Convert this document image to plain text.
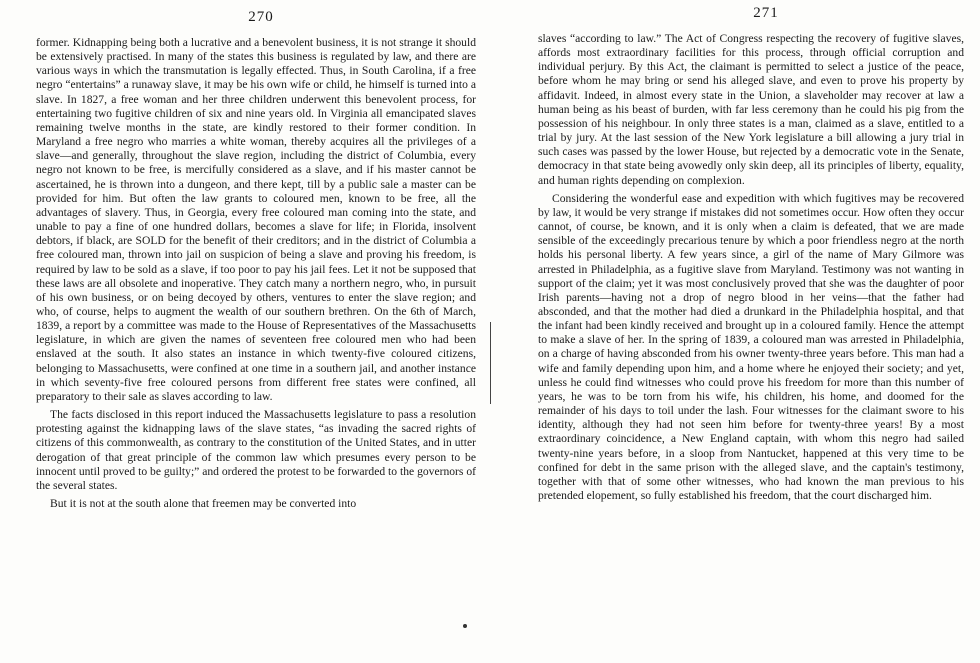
270

former. Kidnapping being both a lucrative and a benevolent business, it is not strange it should be extensively practised. In many of the states this business is regulated by law, and there are various ways in which the transmutation is legally effected. Thus, in South Carolina, if a free negro “entertains” a runaway slave, it may be his own wife or child, he himself is turned into a slave. In 1827, a free woman and her three children underwent this benevolent process, for entertaining two fugitive children of six and nine years old. In Virginia all emancipated slaves remaining twelve months in the state, are kindly restored to their former condition. In Maryland a free negro who marries a white woman, thereby acquires all the privileges of a slave—and generally, throughout the slave region, including the district of Columbia, every negro not known to be free, is mercifully considered as a slave, and if his master cannot be ascertained, he is thrown into a dungeon, and there kept, till by a public sale a master can be provided for him. But often the law grants to coloured men, known to be free, all the advantages of slavery. Thus, in Georgia, every free coloured man coming into the state, and unable to pay a fine of one hundred dollars, becomes a slave for life; in Florida, insolvent debtors, if black, are SOLD for the benefit of their creditors; and in the district of Columbia a free coloured man, thrown into jail on suspicion of being a slave and proving his freedom, is required by law to be sold as a slave, if too poor to pay his jail fees. Let it not be supposed that these laws are all obsolete and inoperative. They catch many a northern negro, who, in pursuit of his own business, or on being decoyed by others, ventures to enter the slave region; and who, of course, helps to augment the wealth of our southern brethren. On the 6th of March, 1839, a report by a committee was made to the House of Representatives of the Massachusetts legislature, in which are given the names of seventeen free coloured men who had been enslaved at the south. It also states an instance in which twenty-five coloured citizens, belonging to Massachusetts, were confined at one time in a southern jail, and another instance in which seventy-five free coloured persons from different free states were confined, all preparatory to their sale as slaves according to law.

The facts disclosed in this report induced the Massachusetts legislature to pass a resolution protesting against the kidnapping laws of the slave states, “as invading the sacred rights of citizens of this commonwealth, as contrary to the constitution of the United States, and in utter derogation of that great principle of the common law which presumes every person to be innocent until proved to be guilty;” and ordered the protest to be forwarded to the governors of the several states.

But it is not at the south alone that freemen may be converted into

271

slaves “according to law.” The Act of Congress respecting the recovery of fugitive slaves, affords most extraordinary facilities for this process, through official corruption and individual perjury. By this Act, the claimant is permitted to select a justice of the peace, before whom he may bring or send his alleged slave, and even to prove his property by affidavit. Indeed, in almost every state in the Union, a slaveholder may recover at law a human being as his beast of burden, with far less ceremony than he could his pig from the possession of his neighbour. In only three states is a man, claimed as a slave, entitled to a trial by jury. At the last session of the New York legislature a bill allowing a jury trial in such cases was passed by the lower House, but rejected by a democratic vote in the Senate, democracy in that state being avowedly only skin deep, all its principles of liberty, equality, and human rights depending on complexion.

Considering the wonderful ease and expedition with which fugitives may be recovered by law, it would be very strange if mistakes did not sometimes occur. How often they occur cannot, of course, be known, and it is only when a claim is defeated, that we are made sensible of the exceedingly precarious tenure by which a poor friendless negro at the north holds his personal liberty. A few years since, a girl of the name of Mary Gilmore was arrested in Philadelphia, as a fugitive slave from Maryland. Testimony was not wanting in support of the claim; yet it was most conclusively proved that she was the daughter of poor Irish parents—having not a drop of negro blood in her veins—that the father had absconded, and that the mother had died a drunkard in the Philadelphia hospital, and that the infant had been kindly received and brought up in a coloured family. Hence the attempt to make a slave of her. In the spring of 1839, a coloured man was arrested in Philadelphia, on a charge of having absconded from his owner twenty-three years before. This man had a wife and family depending upon him, and a home where he enjoyed their society; and yet, unless he could find witnesses who could prove his freedom for more than this number of years, he was to be torn from his wife, his children, his home, and doomed for the remainder of his days to toil under the lash. Four witnesses for the claimant swore to his identity, although they had not seen him before for twenty-three years! By a most extraordinary coincidence, a New England captain, with whom this negro had sailed twenty-nine years before, in a sloop from Nantucket, happened at this very time to be confined for debt in the same prison with the alleged slave, and the captain's testimony, together with that of some other witnesses, who had known the man previous to his pretended elopement, so fully established his freedom, that the court discharged him.
